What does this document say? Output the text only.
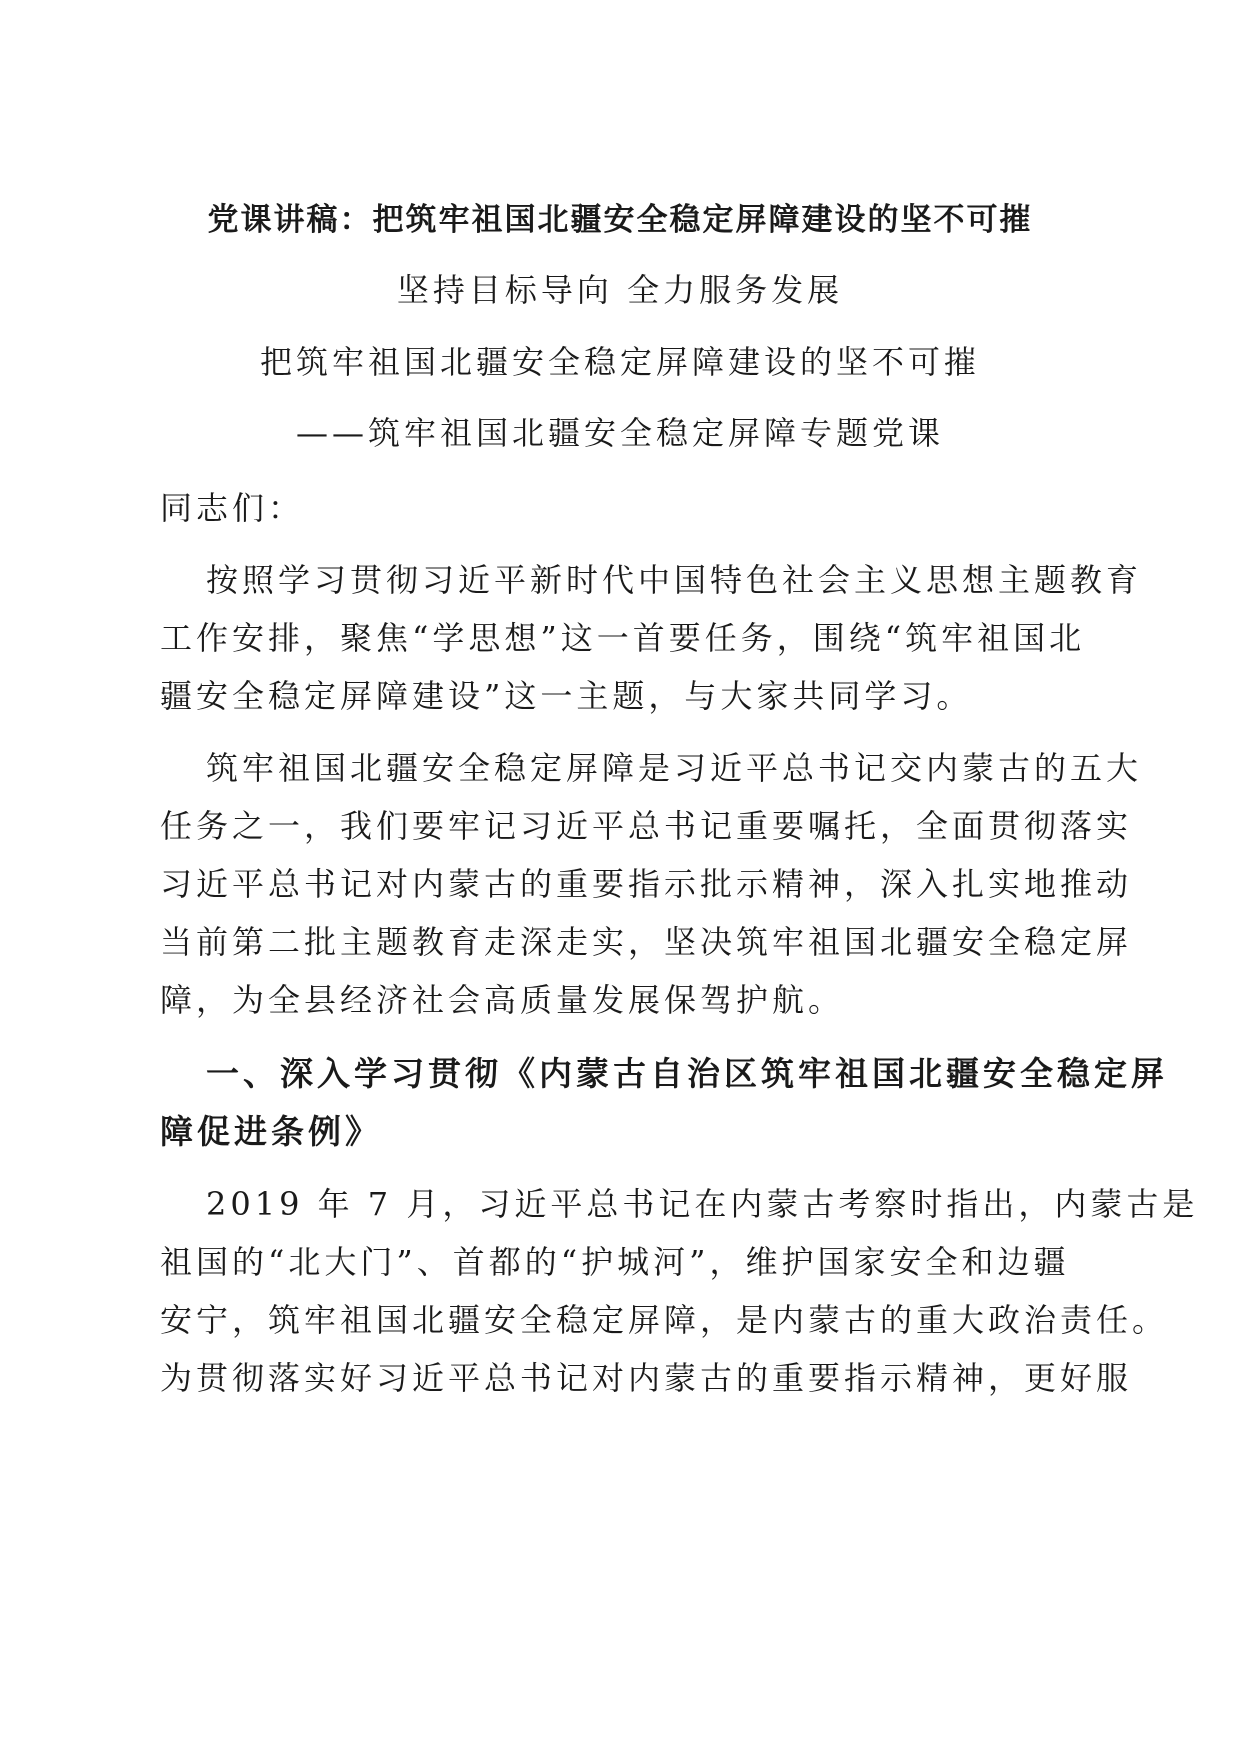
党课讲稿：把筑牢祖国北疆安全稳定屏障建设的坚不可摧
坚持目标导向 全力服务发展
把筑牢祖国北疆安全稳定屏障建设的坚不可摧
——筑牢祖国北疆安全稳定屏障专题党课
同志们：
按照学习贯彻习近平新时代中国特色社会主义思想主题教育
工作安排，聚焦“学思想”这一首要任务，围绕“筑牢祖国北
疆安全稳定屏障建设”这一主题，与大家共同学习。
筑牢祖国北疆安全稳定屏障是习近平总书记交内蒙古的五大
任务之一，我们要牢记习近平总书记重要嘱托，全面贯彻落实
习近平总书记对内蒙古的重要指示批示精神，深入扎实地推动
当前第二批主题教育走深走实，坚决筑牢祖国北疆安全稳定屏
障，为全县经济社会高质量发展保驾护航。
一、深入学习贯彻《内蒙古自治区筑牢祖国北疆安全稳定屏
障促进条例》
2019 年 7 月，习近平总书记在内蒙古考察时指出，内蒙古是
祖国的“北大门”、首都的“护城河”，维护国家安全和边疆
安宁，筑牢祖国北疆安全稳定屏障，是内蒙古的重大政治责任。
为贯彻落实好习近平总书记对内蒙古的重要指示精神，更好服
